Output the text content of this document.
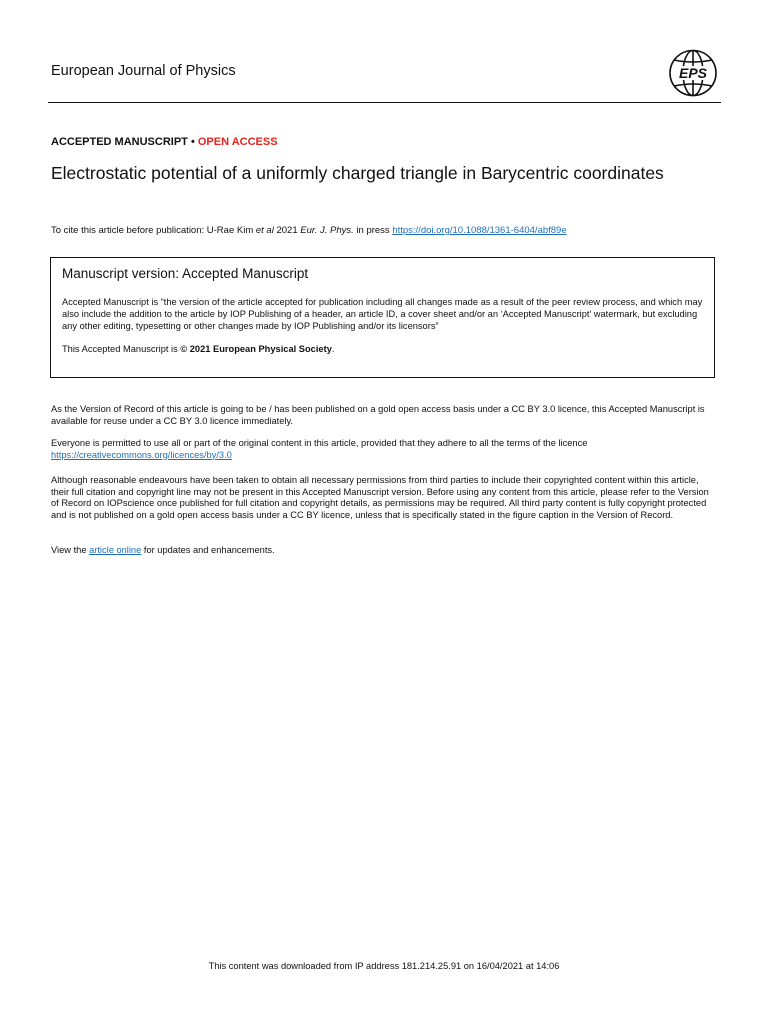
European Journal of Physics	EPS
ACCEPTED MANUSCRIPT • OPEN ACCESS
Electrostatic potential of a uniformly charged triangle in Barycentric coordinates
To cite this article before publication: U-Rae Kim et al 2021 Eur. J. Phys. in press https://doi.org/10.1088/1361-6404/abf89e
Manuscript version: Accepted Manuscript
Accepted Manuscript is “the version of the article accepted for publication including all changes made as a result of the peer review process, and which may also include the addition to the article by IOP Publishing of a header, an article ID, a cover sheet and/or an ‘Accepted Manuscript’ watermark, but excluding any other editing, typesetting or other changes made by IOP Publishing and/or its licensors”
This Accepted Manuscript is © 2021 European Physical Society.
As the Version of Record of this article is going to be / has been published on a gold open access basis under a CC BY 3.0 licence, this Accepted Manuscript is available for reuse under a CC BY 3.0 licence immediately.
Everyone is permitted to use all or part of the original content in this article, provided that they adhere to all the terms of the licence
https://creativecommons.org/licences/by/3.0
Although reasonable endeavours have been taken to obtain all necessary permissions from third parties to include their copyrighted content within this article, their full citation and copyright line may not be present in this Accepted Manuscript version. Before using any content from this article, please refer to the Version of Record on IOPscience once published for full citation and copyright details, as permissions may be required. All third party content is fully copyright protected and is not published on a gold open access basis under a CC BY licence, unless that is specifically stated in the figure caption in the Version of Record.
View the article online for updates and enhancements.
This content was downloaded from IP address 181.214.25.91 on 16/04/2021 at 14:06
